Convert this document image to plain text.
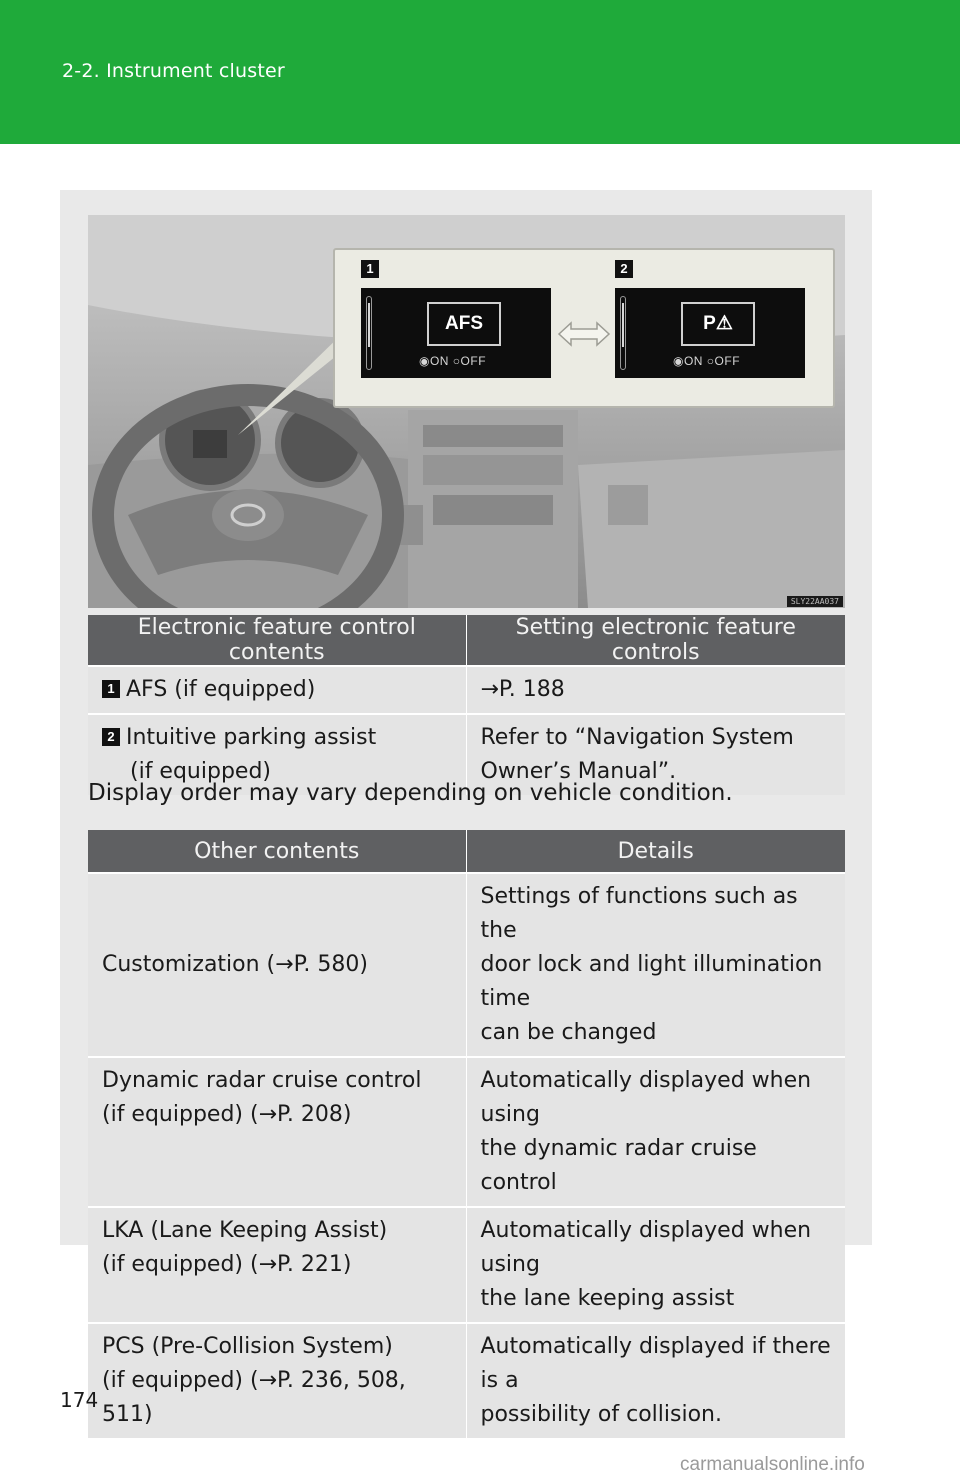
2-2. Instrument cluster
1	2
AFS
◉ON ○OFF
P⚠
◉ON ○OFF
SLY22AA037
Electronic feature control contents	Setting electronic feature controls
1 AFS (if equipped)	→P. 188

2 Intuitive parking assist
(if equipped)	Refer to “Navigation System
Owner’s Manual”.
Display order may vary depending on vehicle condition.
Other contents	Details

Customization (→P. 580)	Settings of functions such as the
door lock and light illumination time
can be changed

Dynamic radar cruise control
(if equipped) (→P. 208)	Automatically displayed when using
the dynamic radar cruise control

LKA (Lane Keeping Assist)
(if equipped) (→P. 221)	Automatically displayed when using
the lane keeping assist

PCS (Pre-Collision System)
(if equipped) (→P. 236, 508, 511)	Automatically displayed if there is a
possibility of collision.
174
carmanualsonline.info
